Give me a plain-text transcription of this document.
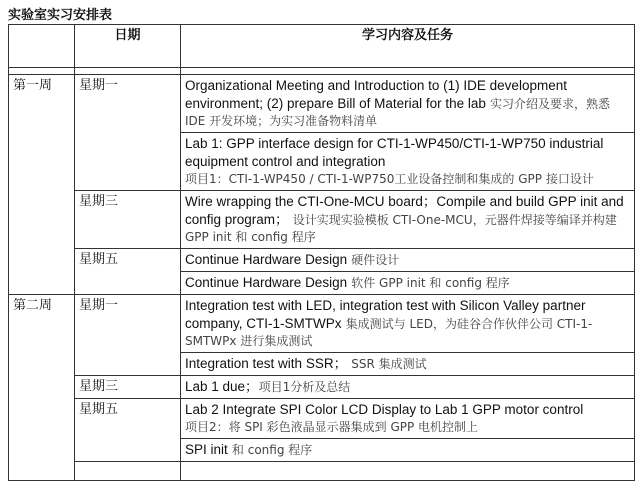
实验室实习安排表
	日期	学习内容及任务	

第一周	星期一	Organizational Meeting and Introduction to (1) IDE development environment; (2) prepare Bill of Material for the lab 实习介绍及要求，熟悉 IDE 开发环境；为实习准备物料清单	
		Lab 1: GPP interface design for CTI-1-WP450/CTI-1-WP750 industrial equipment control and integration
项目1：CTI-1-WP450 / CTI-1-WP750工业设备控制和集成的 GPP 接口设计	
	星期三	Wire wrapping the CTI-One-MCU board；Compile and build GPP init and config program； 设计实现实验模板 CTI-One-MCU，元器件焊接等编译并构建 GPP init 和 config 程序	
	星期五	Continue Hardware Design 硬件设计	
		Continue Hardware Design 软件 GPP init 和 config 程序	
第二周	星期一	Integration test with LED, integration test with Silicon Valley partner company, CTI-1-SMTWPx 集成测试与 LED，为硅谷合作伙伴公司 CTI-1-SMTWPx 进行集成测试	
		Integration test with SSR； SSR 集成测试	
	星期三	Lab 1 due；项目1分析及总结	
	星期五	Lab 2 Integrate SPI Color LCD Display to Lab 1 GPP motor control
项目2：将 SPI 彩色液晶显示器集成到 GPP 电机控制上	
		SPI init 和 config 程序	
